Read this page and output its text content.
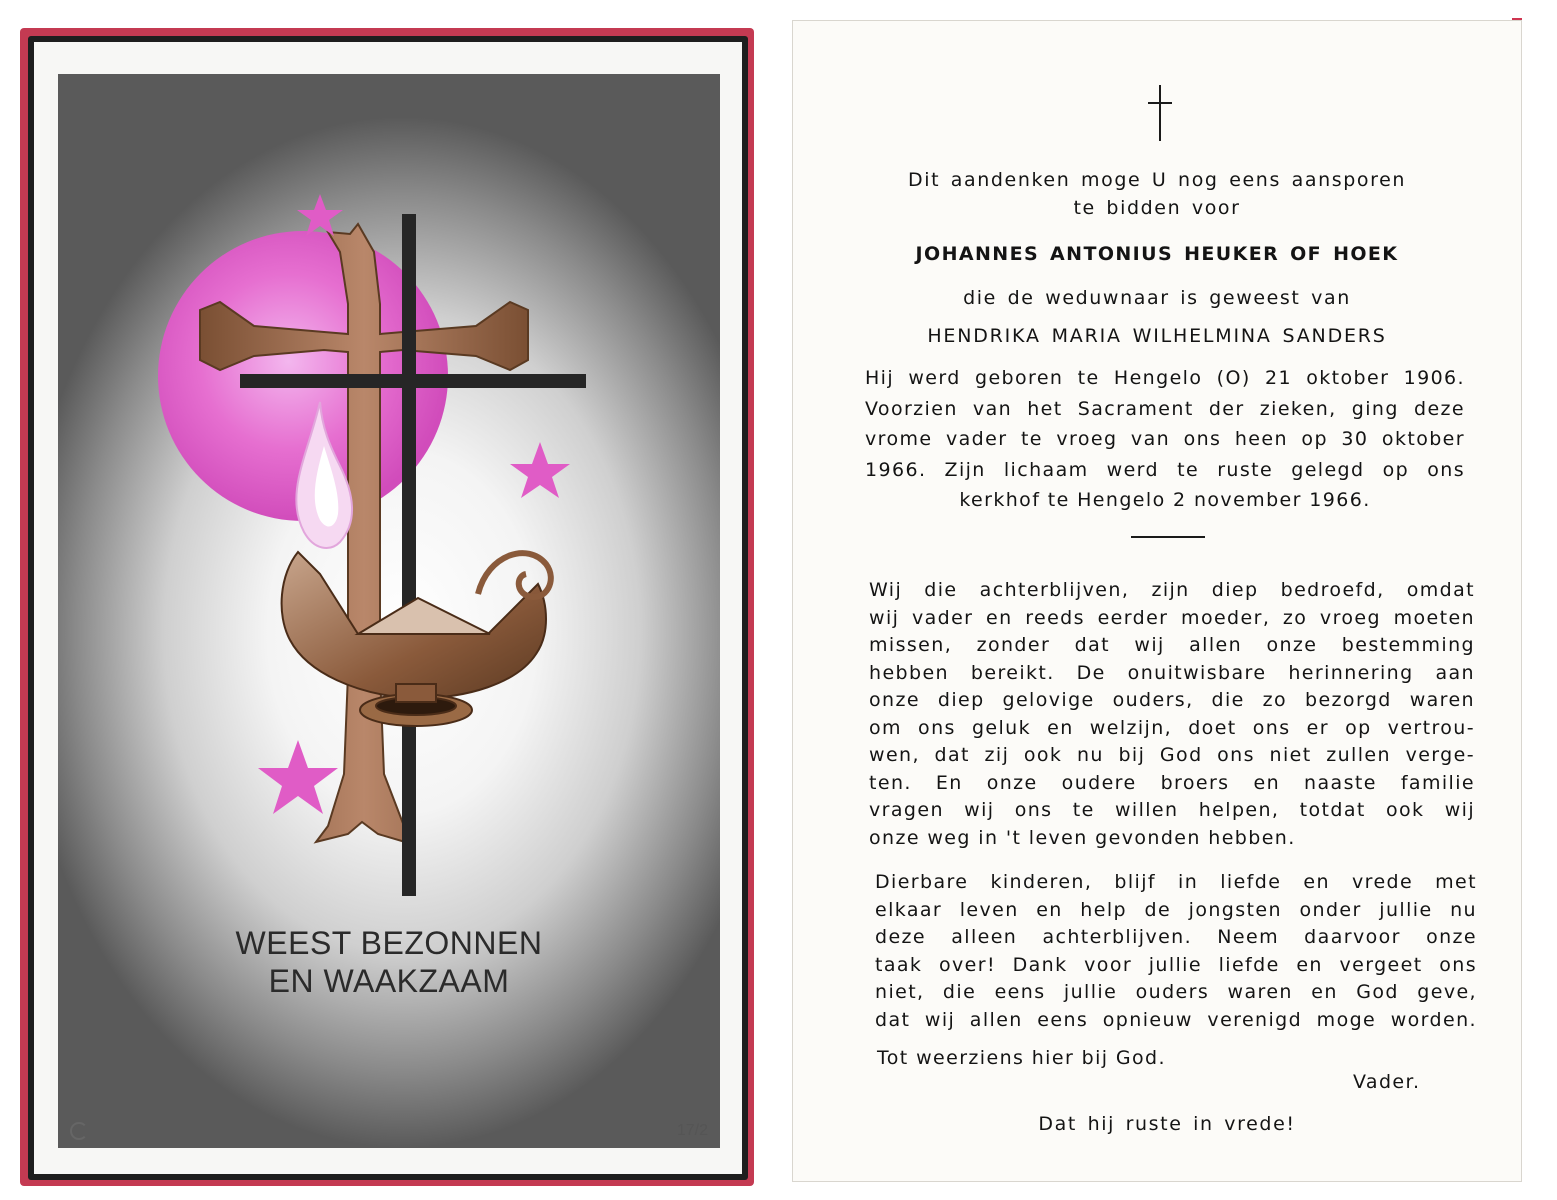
WEEST BEZONNEN
EN WAAKZAAM
17/2
Dit aandenken moge U nog eens aansporen
te bidden voor
JOHANNES ANTONIUS HEUKER OF HOEK
die de weduwnaar is geweest van
HENDRIKA MARIA WILHELMINA SANDERS
Hij werd geboren te Hengelo (O) 21 oktober 1906.
Voorzien van het Sacrament der zieken, ging deze
vrome vader te vroeg van ons heen op 30 oktober
1966. Zijn lichaam werd te ruste gelegd op ons
kerkhof te Hengelo 2 november 1966.
Wij die achterblijven, zijn diep bedroefd, omdat
wij vader en reeds eerder moeder, zo vroeg moeten
missen, zonder dat wij allen onze bestemming
hebben bereikt. De onuitwisbare herinnering aan
onze diep gelovige ouders, die zo bezorgd waren
om ons geluk en welzijn, doet ons er op vertrou-
wen, dat zij ook nu bij God ons niet zullen verge-
ten. En onze oudere broers en naaste familie
vragen wij ons te willen helpen, totdat ook wij
onze weg in 't leven gevonden hebben.
Dierbare kinderen, blijf in liefde en vrede met
elkaar leven en help de jongsten onder jullie nu
deze alleen achterblijven. Neem daarvoor onze
taak over! Dank voor jullie liefde en vergeet ons
niet, die eens jullie ouders waren en God geve,
dat wij allen eens opnieuw verenigd moge worden.
Tot weerziens hier bij God.
Vader.
Dat hij ruste in vrede!
